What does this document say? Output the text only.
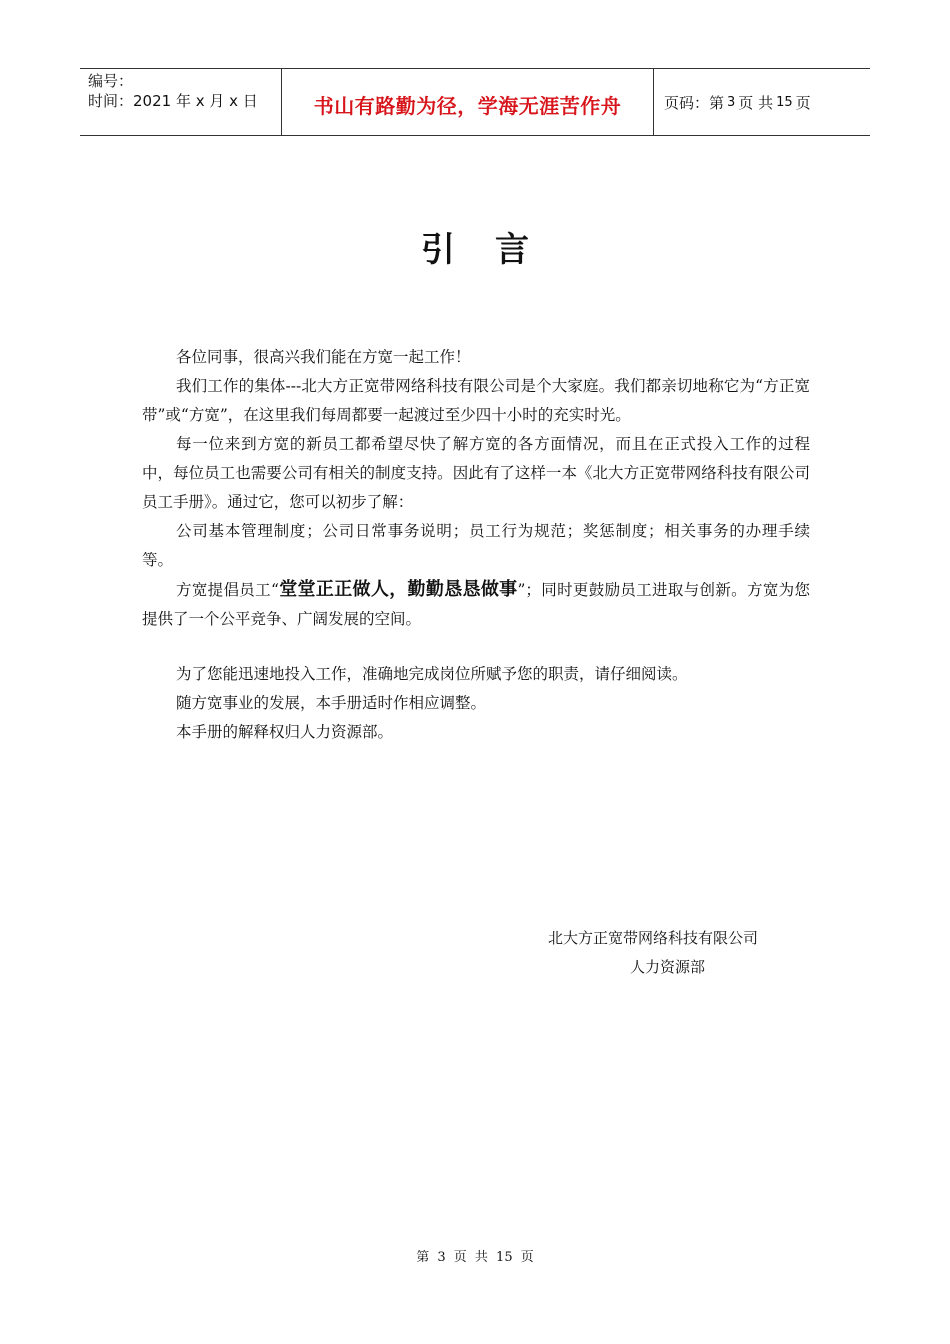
编号：
时间：2021 年 x 月 x 日	书山有路勤为径，学海无涯苦作舟	页码：第 3 页 共 15 页
引言

各位同事，很高兴我们能在方宽一起工作！

我们工作的集体---北大方正宽带网络科技有限公司是个大家庭。我们都亲切地称它为“方正宽带”或“方宽”，在这里我们每周都要一起渡过至少四十小时的充实时光。

每一位来到方宽的新员工都希望尽快了解方宽的各方面情况，而且在正式投入工作的过程中，每位员工也需要公司有相关的制度支持。因此有了这样一本《北大方正宽带网络科技有限公司员工手册》。通过它，您可以初步了解：

公司基本管理制度；公司日常事务说明；员工行为规范；奖惩制度；相关事务的办理手续等。

方宽提倡员工“堂堂正正做人，勤勤恳恳做事”；同时更鼓励员工进取与创新。方宽为您提供了一个公平竞争、广阔发展的空间。

为了您能迅速地投入工作，准确地完成岗位所赋予您的职责，请仔细阅读。

随方宽事业的发展，本手册适时作相应调整。

本手册的解释权归人力资源部。

北大方正宽带网络科技有限公司
人力资源部
第 3 页 共 15 页
